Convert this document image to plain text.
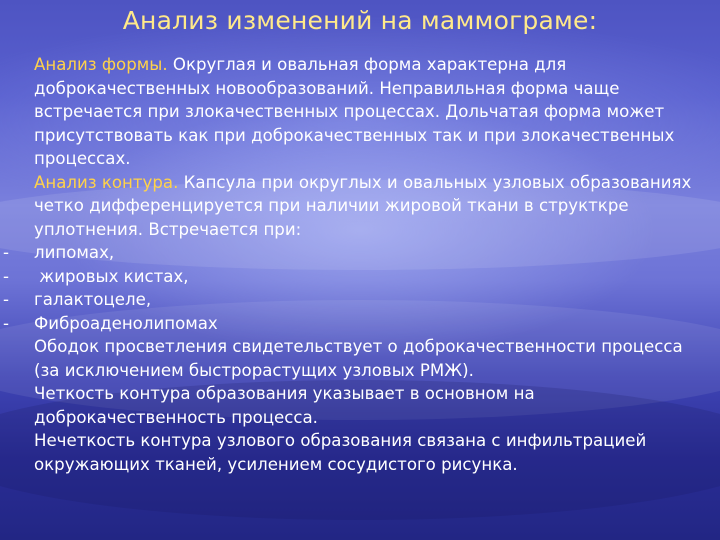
Анализ изменений на маммограме:

Анализ формы. Округлая и овальная форма характерна для доброкачественных новообразований. Неправильная форма чаще встречается при злокачественных процессах. Дольчатая форма может присутствовать как при доброкачественных так и при злокачественных процессах.

Анализ контура. Капсула при округлых и овальных узловых образованиях четко дифференцируется при наличии жировой ткани в структкре уплотнения. Встречается при:

- липомах,

- жировых кистах,

- галактоцеле,

- Фиброаденолипомах

Ободок просветления свидетельствует о доброкачественности процесса (за исключением быстрорастущих узловых РМЖ).

Четкость контура образования указывает в основном на доброкачественность процесса.

Нечеткость контура узлового образования связана с инфильтрацией окружающих тканей, усилением сосудистого рисунка.
